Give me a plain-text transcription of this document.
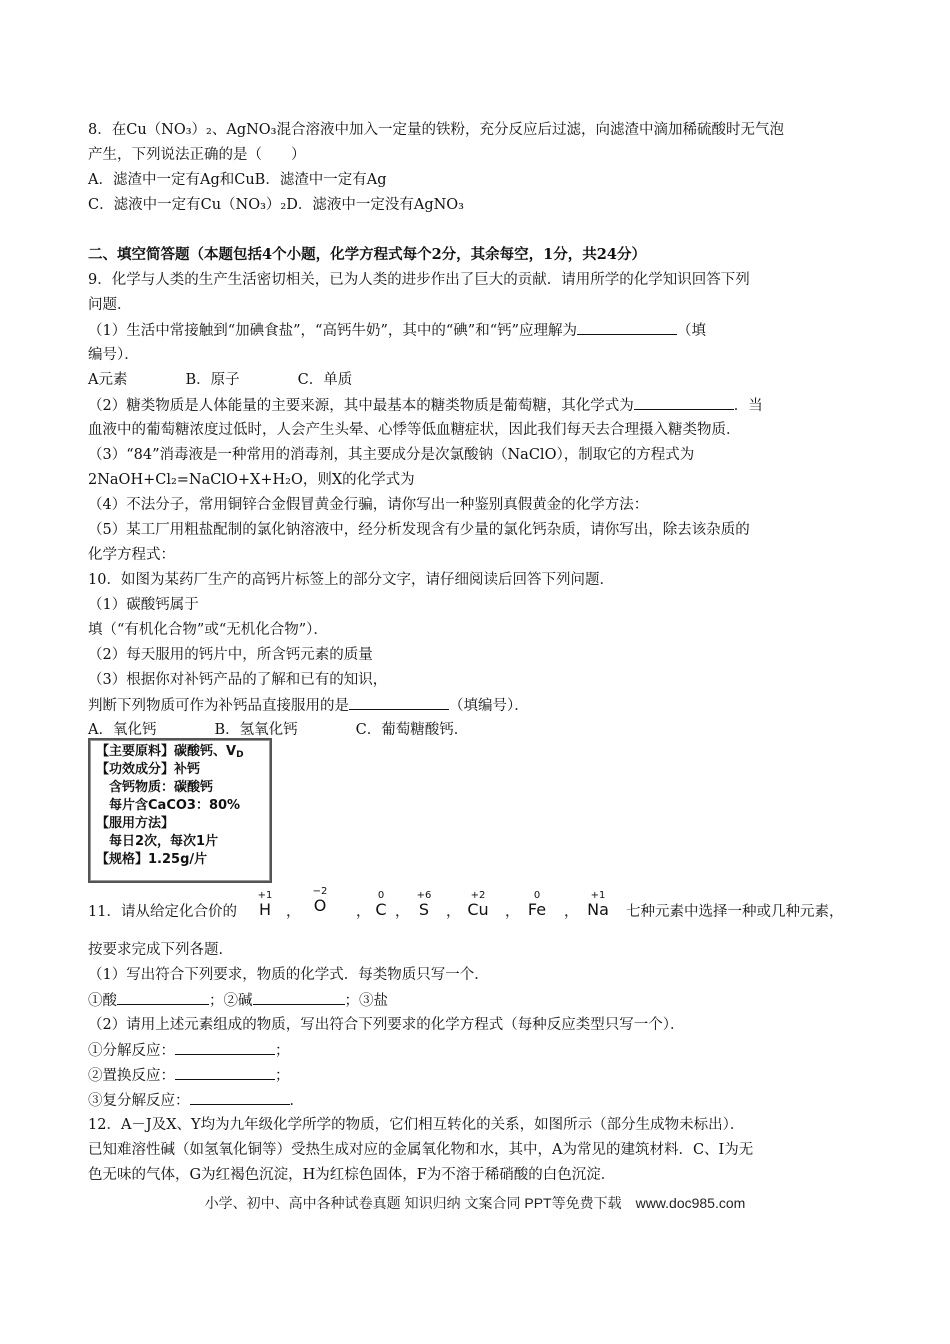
8．在Cu（NO₃）₂、AgNO₃混合溶液中加入一定量的铁粉，充分反应后过滤，向滤渣中滴加稀硫酸时无气泡
产生，下列说法正确的是（　　）
A．滤渣中一定有Ag和CuB．滤渣中一定有Ag
C．滤液中一定有Cu（NO₃）₂D．滤液中一定没有AgNO₃
二、填空简答题（本题包括4个小题，化学方程式每个2分，其余每空，1分，共24分）
9．化学与人类的生产生活密切相关，已为人类的进步作出了巨大的贡献．请用所学的化学知识回答下列
问题．
（1）生活中常接触到“加碘食盐”，“高钙牛奶”，其中的“碘”和“钙”应理解为	（填
编号）．
A元素　　　　B．原子　　　　C．单质
（2）糖类物质是人体能量的主要来源，其中最基本的糖类物质是葡萄糖，其化学式为	．当
血液中的葡萄糖浓度过低时，人会产生头晕、心悸等低血糖症状，因此我们每天去合理摄入糖类物质．
（3）“84”消毒液是一种常用的消毒剂，其主要成分是次氯酸钠（NaClO），制取它的方程式为
2NaOH+Cl₂=NaClO+X+H₂O，则X的化学式为
（4）不法分子，常用铜锌合金假冒黄金行骗，请你写出一种鉴别真假黄金的化学方法：
（5）某工厂用粗盐配制的氯化钠溶液中，经分析发现含有少量的氯化钙杂质，请你写出，除去该杂质的
化学方程式：
10．如图为某药厂生产的高钙片标签上的部分文字，请仔细阅读后回答下列问题．
（1）碳酸钙属于
填（“有机化合物”或“无机化合物”）．
（2）每天服用的钙片中，所含钙元素的质量
（3）根据你对补钙产品的了解和已有的知识，
判断下列物质可作为补钙品直接服用的是	（填编号）．
A．氧化钙　　　　B．氢氧化钙　　　　C．葡萄糖酸钙．
【主要原料】碳酸钙、$V_D$
【功效成分】补钙
　含钙物质：碳酸钙
　每片含CaCO3：80%
【服用方法】
　每日2次，每次1片
【规格】1.25g/片
11．请从给定化合价的
+1
H	，
−2
O	，
0
C ，
+6
S	，
+2
Cu ，
0
Fe ，
+1
Na 七种元素中选择一种或几种元素，
按要求完成下列各题．
（1）写出符合下列要求，物质的化学式．每类物质只写一个．
①酸	；②碱	；③盐
（2）请用上述元素组成的物质，写出符合下列要求的化学方程式（每种反应类型只写一个）．
①分解反应：	；
②置换反应：	；
③复分解反应：	．
12．A－J及X、Y均为九年级化学所学的物质，它们相互转化的关系，如图所示（部分生成物未标出）．
已知难溶性碱（如氢氧化铜等）受热生成对应的金属氧化物和水，其中，A为常见的建筑材料．C、I为无
色无味的气体，G为红褐色沉淀，H为红棕色固体，F为不溶于稀硝酸的白色沉淀．
小学、初中、高中各种试卷真题 知识归纳 文案合同 PPT等免费下载　www.doc985.com
